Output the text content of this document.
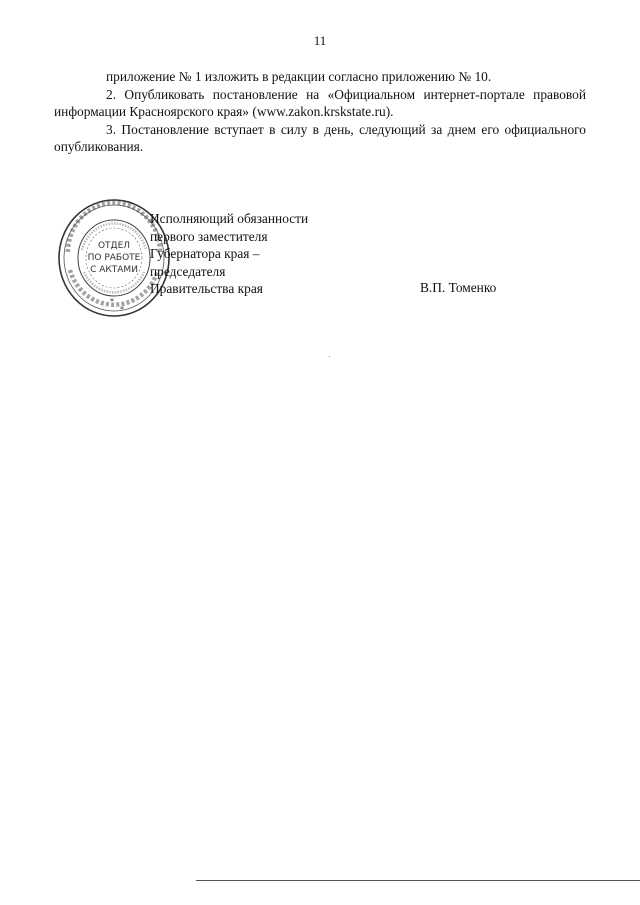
11

приложение № 1 изложить в редакции согласно приложению № 10.

2. Опубликовать постановление на «Официальном интернет-портале правовой информации Красноярского края» (www.zakon.krskstate.ru).

3. Постановление вступает в силу в день, следующий за днем его официального опубликования.

*
*
ОТДЕЛ
ПО РАБОТЕ
С АКТАМИ
Исполняющий обязанности
первого заместителя
Губернатора края –
председателя
Правительства края	В.П. Томенко
